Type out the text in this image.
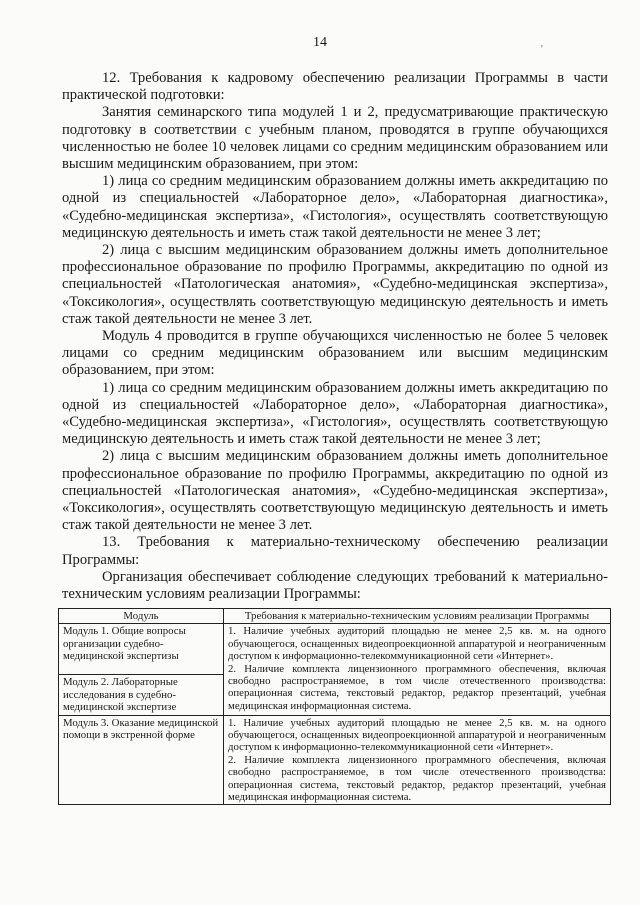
14	'

12. Требования к кадровому обеспечению реализации Программы в части практической подготовки:

Занятия семинарского типа модулей 1 и 2, предусматривающие практическую подготовку в соответствии с учебным планом, проводятся в группе обучающихся численностью не более 10 человек лицами со средним медицинским образованием или высшим медицинским образованием, при этом:

1) лица со средним медицинским образованием должны иметь аккредитацию по одной из специальностей «Лабораторное дело», «Лабораторная диагностика», «Судебно-медицинская экспертиза», «Гистология», осуществлять соответствующую медицинскую деятельность и иметь стаж такой деятельности не менее 3 лет;

2) лица с высшим медицинским образованием должны иметь дополнительное профессиональное образование по профилю Программы, аккредитацию по одной из специальностей «Патологическая анатомия», «Судебно-медицинская экспертиза», «Токсикология», осуществлять соответствующую медицинскую деятельность и иметь стаж такой деятельности не менее 3 лет.

Модуль 4 проводится в группе обучающихся численностью не более 5 человек лицами со средним медицинским образованием или высшим медицинским образованием, при этом:

1) лица со средним медицинским образованием должны иметь аккредитацию по одной из специальностей «Лабораторное дело», «Лабораторная диагностика», «Судебно-медицинская экспертиза», «Гистология», осуществлять соответствующую медицинскую деятельность и иметь стаж такой деятельности не менее 3 лет;

2) лица с высшим медицинским образованием должны иметь дополнительное профессиональное образование по профилю Программы, аккредитацию по одной из специальностей «Патологическая анатомия», «Судебно-медицинская экспертиза», «Токсикология», осуществлять соответствующую медицинскую деятельность и иметь стаж такой деятельности не менее 3 лет.

13. Требования к материально-техническому обеспечению реализации Программы:

Организация обеспечивает соблюдение следующих требований к материально-техническим условиям реализации Программы:

Модуль	Требования к материально-техническим условиям реализации Программы
Модуль 1. Общие вопросы организации судебно-медицинской экспертизы	1. Наличие учебных аудиторий площадью не менее 2,5 кв. м. на одного обучающегося, оснащенных видеопроекционной аппаратурой и неограниченным доступом к информационно-телекоммуникационной сети «Интернет».
2. Наличие комплекта лицензионного программного обеспечения, включая свободно распространяемое, в том числе отечественного производства: операционная система, текстовый редактор, редактор презентаций, учебная медицинская информационная система.

Модуль 2. Лабораторные исследования в судебно-медицинской экспертизе	
Модуль 3. Оказание медицинской помощи в экстренной форме	1. Наличие учебных аудиторий площадью не менее 2,5 кв. м. на одного обучающегося, оснащенных видеопроекционной аппаратурой и неограниченным доступом к информационно-телекоммуникационной сети «Интернет».
2. Наличие комплекта лицензионного программного обеспечения, включая свободно распространяемое, в том числе отечественного производства: операционная система, текстовый редактор, редактор презентаций, учебная медицинская информационная система.
